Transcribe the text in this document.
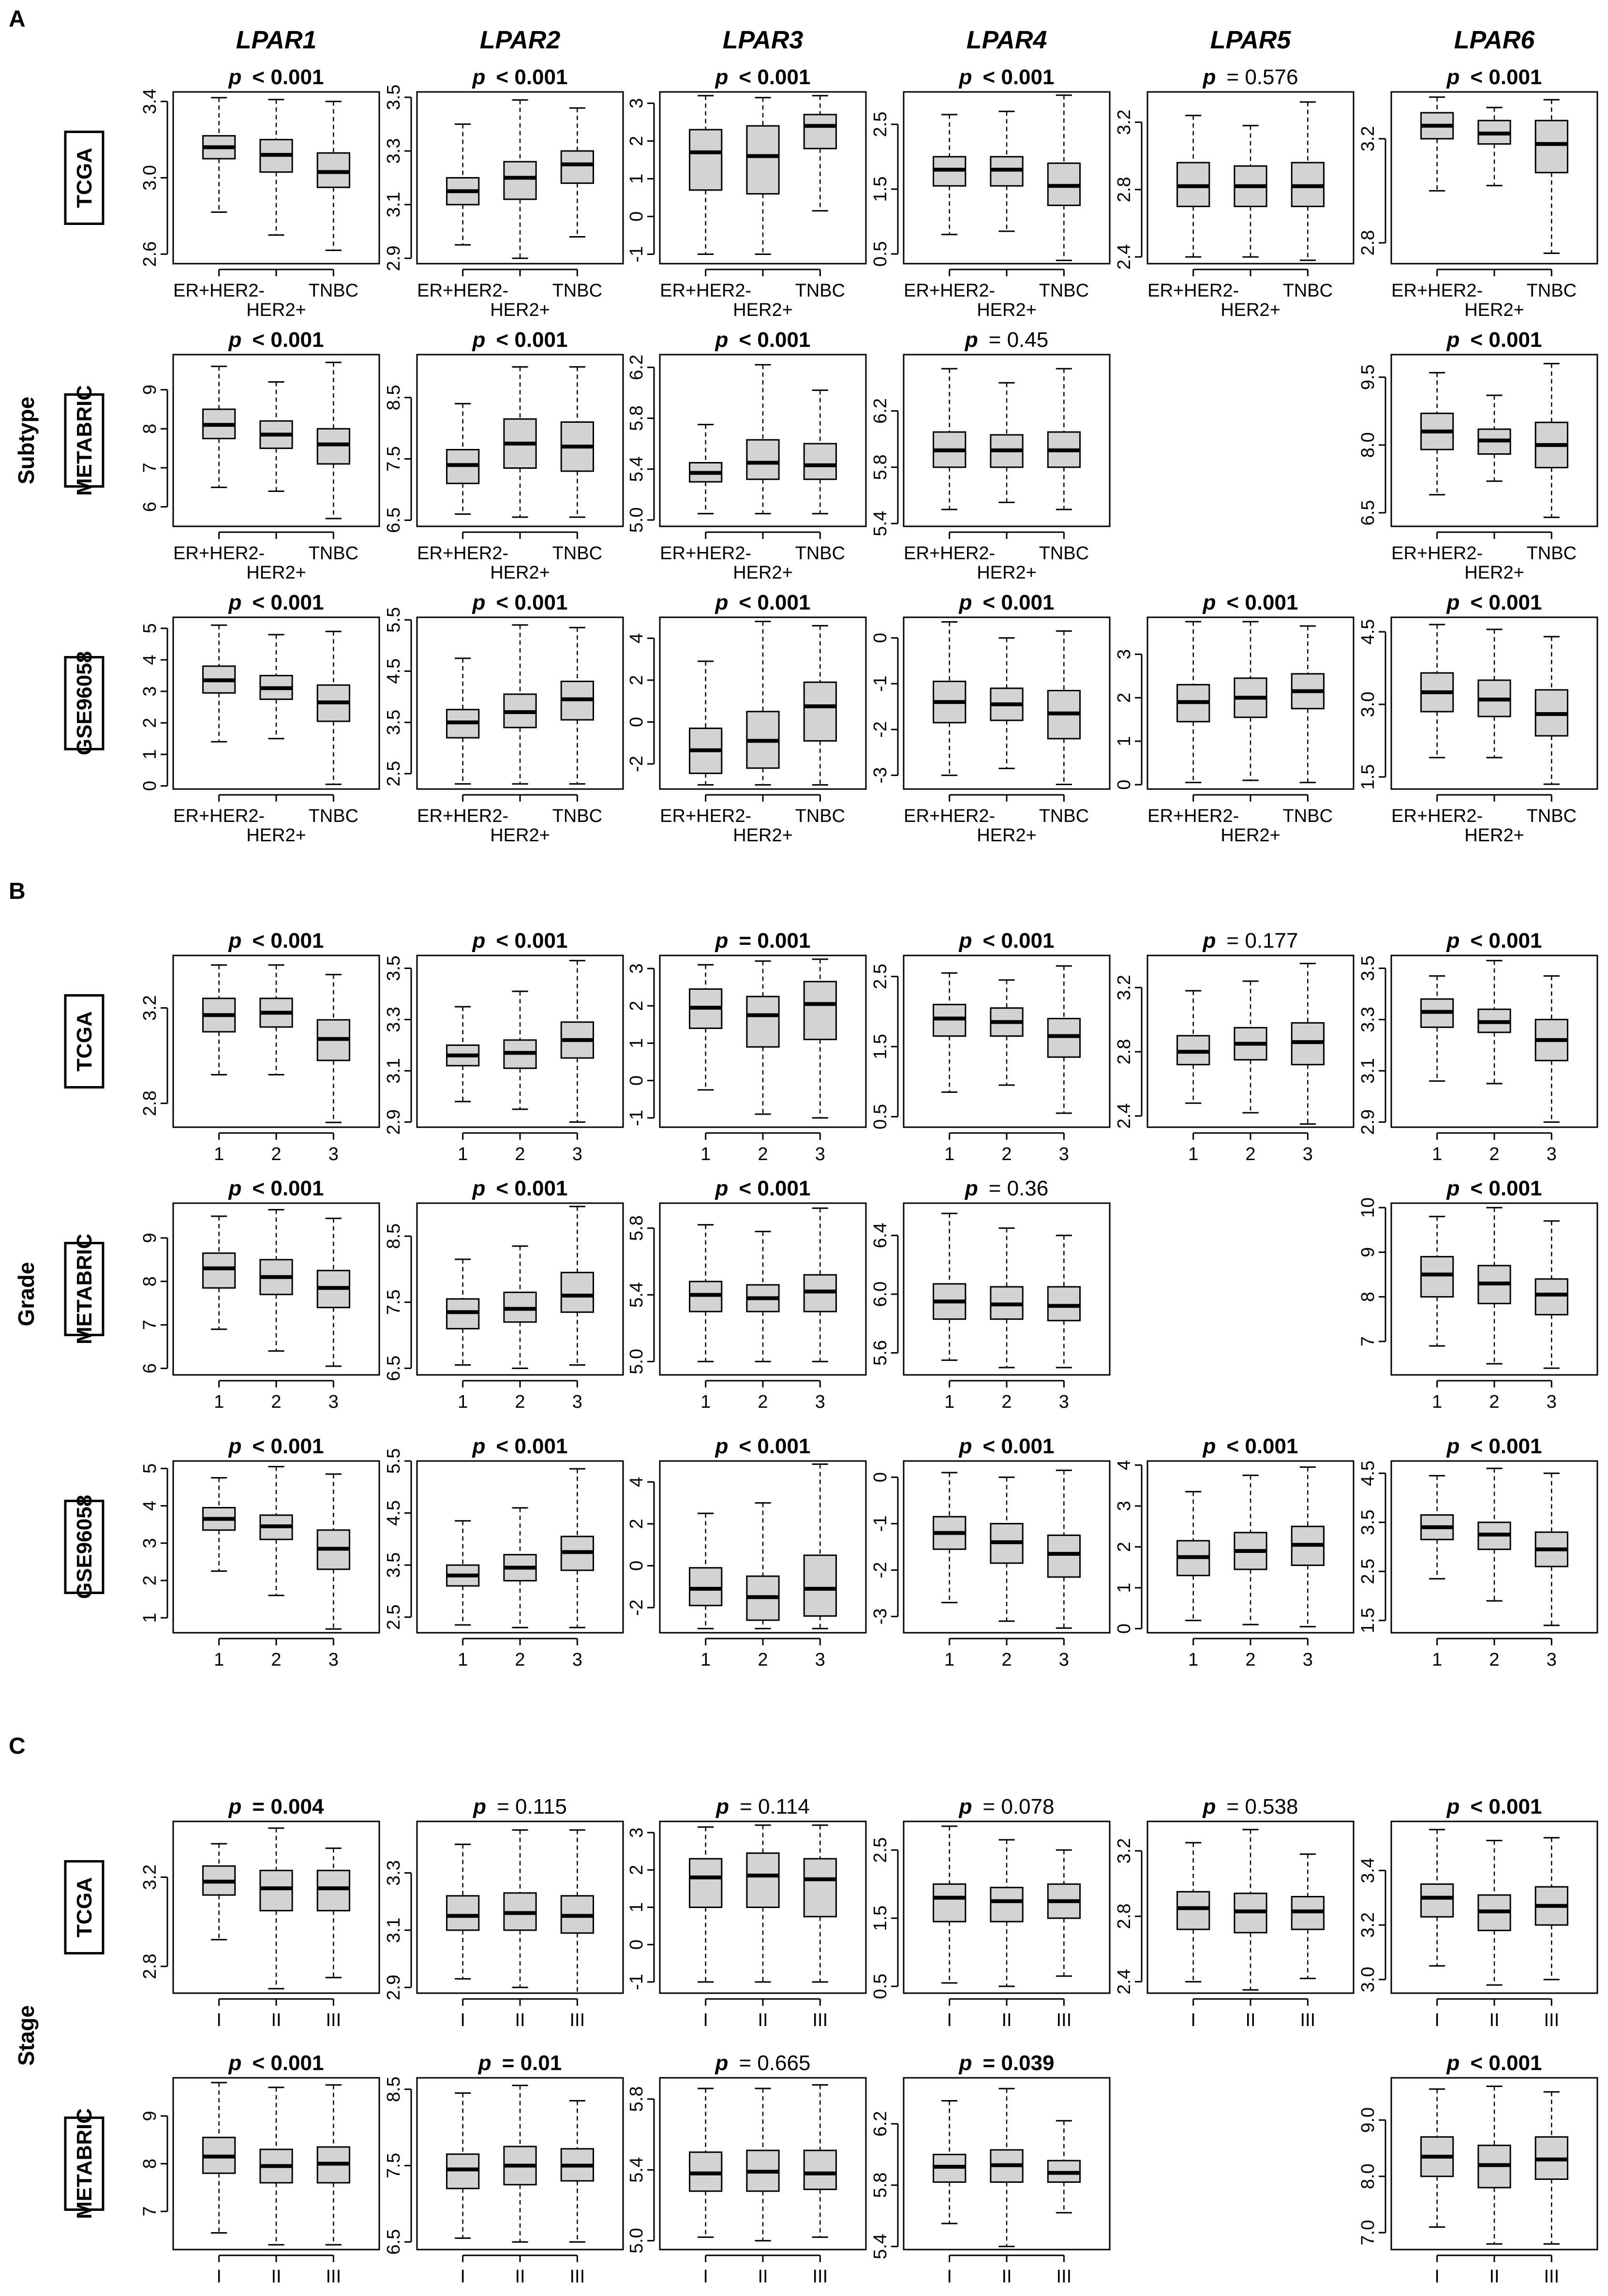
LPAR1	LPAR2	LPAR3	LPAR4	LPAR5	LPAR6
A
Subtype
TCGA
p < 0.001
2.6
3.0
3.4
ER+HER2-
HER2+
TNBC
p < 0.001
2.9
3.1
3.3
3.5
ER+HER2-
HER2+
TNBC
p < 0.001
-1
0
1
2
3
ER+HER2-
HER2+
TNBC
p < 0.001
0.5
1.5
2.5
ER+HER2-
HER2+
TNBC
p = 0.576
2.4
2.8
3.2
ER+HER2-
HER2+
TNBC
p < 0.001
2.8
3.2
ER+HER2-
HER2+
TNBC
METABRIC
p < 0.001
6
7
8
9
ER+HER2-
HER2+
TNBC
p < 0.001
6.5
7.5
8.5
ER+HER2-
HER2+
TNBC
p < 0.001
5.0
5.4
5.8
6.2
ER+HER2-
HER2+
TNBC
p = 0.45
5.4
5.8
6.2
ER+HER2-
HER2+
TNBC
p < 0.001
6.5
8.0
9.5
ER+HER2-
HER2+
TNBC
GSE96058
p < 0.001
0
1
2
3
4
5
ER+HER2-
HER2+
TNBC
p < 0.001
2.5
3.5
4.5
5.5
ER+HER2-
HER2+
TNBC
p < 0.001
-2
0
2
4
ER+HER2-
HER2+
TNBC
p < 0.001
-3
-2
-1
0
ER+HER2-
HER2+
TNBC
p < 0.001
0
1
2
3
ER+HER2-
HER2+
TNBC
p < 0.001
1.5
3.0
4.5
ER+HER2-
HER2+
TNBC
B
Grade
TCGA
p < 0.001
2.8
3.2
1	2	3
p < 0.001
2.9
3.1
3.3
3.5
1	2	3
p = 0.001
-1
0
1
2
3
1	2	3
p < 0.001
0.5
1.5
2.5
1	2	3
p = 0.177
2.4
2.8
3.2
1	2	3
p < 0.001
2.9
3.1
3.3
3.5
1	2	3
METABRIC
p < 0.001
6
7
8
9
1	2	3
p < 0.001
6.5
7.5
8.5
1	2	3
p < 0.001
5.0
5.4
5.8
1	2	3
p = 0.36
5.6
6.0
6.4
1	2	3
p < 0.001
7
8
9
10
1	2	3
GSE96058
p < 0.001
1
2
3
4
5
1	2	3
p < 0.001
2.5
3.5
4.5
5.5
1	2	3
p < 0.001
-2
0
2
4
1	2	3
p < 0.001
-3
-2
-1
0
1	2	3
p < 0.001
0
1
2
3
4
1	2	3
p < 0.001
1.5
2.5
3.5
4.5
1	2	3
C
Stage
TCGA
p = 0.004
2.8
3.2
I	II III
p = 0.115
2.9
3.1
3.3
I	II III
p = 0.114
-1
0
1
2
3
I	II III
p = 0.078
0.5
1.5
2.5
I	II III
p = 0.538
2.4
2.8
3.2
I	II III
p < 0.001
3.0
3.2
3.4
I	II III
METABRIC
p < 0.001
7
8
9
I	II III
p = 0.01
6.5
7.5
8.5
I	II III
p = 0.665
5.0
5.4
5.8
I	II III
p = 0.039
5.4
5.8
6.2
I	II III
p < 0.001
7.0
8.0
9.0
I	II III
